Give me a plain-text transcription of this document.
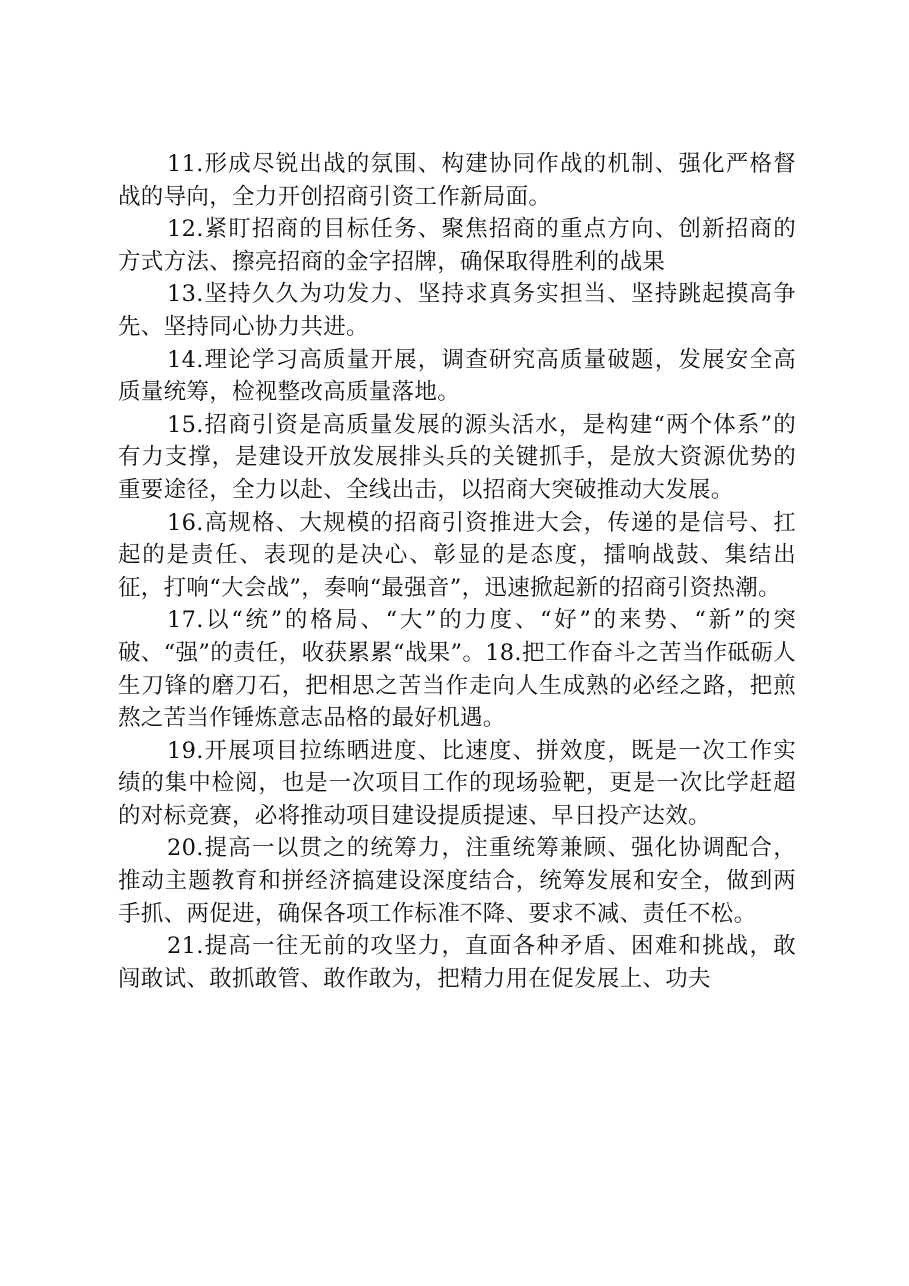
11.形成尽锐出战的氛围、构建协同作战的机制、强化严格督战的导向，全力开创招商引资工作新局面。

12.紧盯招商的目标任务、聚焦招商的重点方向、创新招商的方式方法、擦亮招商的金字招牌，确保取得胜利的战果

13.坚持久久为功发力、坚持求真务实担当、坚持跳起摸高争先、坚持同心协力共进。

14.理论学习高质量开展，调查研究高质量破题，发展安全高质量统筹，检视整改高质量落地。

15.招商引资是高质量发展的源头活水，是构建“两个体系”的有力支撑，是建设开放发展排头兵的关键抓手，是放大资源优势的重要途径，全力以赴、全线出击，以招商大突破推动大发展。

16.高规格、大规模的招商引资推进大会，传递的是信号、扛起的是责任、表现的是决心、彰显的是态度，擂响战鼓、集结出征，打响“大会战”，奏响“最强音”，迅速掀起新的招商引资热潮。

17.以“统”的格局、“大”的力度、“好”的来势、“新”的突破、“强”的责任，收获累累“战果”。18.把工作奋斗之苦当作砥砺人生刀锋的磨刀石，把相思之苦当作走向人生成熟的必经之路，把煎熬之苦当作锤炼意志品格的最好机遇。

19.开展项目拉练晒进度、比速度、拼效度，既是一次工作实绩的集中检阅，也是一次项目工作的现场验靶，更是一次比学赶超的对标竞赛，必将推动项目建设提质提速、早日投产达效。

20.提高一以贯之的统筹力，注重统筹兼顾、强化协调配合，推动主题教育和拼经济搞建设深度结合，统筹发展和安全，做到两手抓、两促进，确保各项工作标准不降、要求不减、责任不松。

21.提高一往无前的攻坚力，直面各种矛盾、困难和挑战，敢闯敢试、敢抓敢管、敢作敢为，把精力用在促发展上、功夫
